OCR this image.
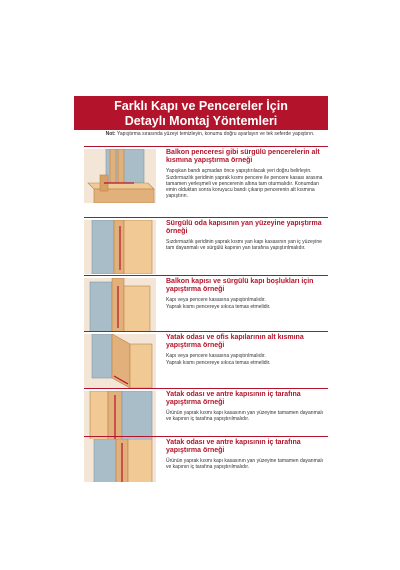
Farklı Kapı ve Pencereler İçin
Detaylı Montaj Yöntemleri
Not: Yapıştırma sırasında yüzeyi temizleyin, konumu doğru ayarlayın ve tek seferde yapıştırın.
Balkon penceresi gibi sürgülü pencerelerin alt kısmına yapıştırma örneği

Yapışkan bandı açmadan önce yapıştırılacak yeri doğru belirleyin.

Sızdırmazlık şeridinin yaprak kısmı pencere ile pencere kasası arasına tamamen yerleşmeli ve pencerenin altına tam oturmalıdır. Konumdan emin olduktan sonra koruyucu bandı çıkarıp pencerenin alt kısmına yapıştırın.

Sürgülü oda kapısının yan yüzeyine yapıştırma örneği

Sızdırmazlık şeridinin yaprak kısmı yan kapı kasasının yan iç yüzeyine tam dayanmalı ve sürgülü kapının yan tarafına yapıştırılmalıdır.

Balkon kapısı ve sürgülü kapı boşlukları için yapıştırma örneği

Kapı veya pencere kasasına yapıştırılmalıdır.

Yaprak kısmı pencereye sıkıca temas etmelidir.

Yatak odası ve ofis kapılarının alt kısmına yapıştırma örneği

Kapı veya pencere kasasına yapıştırılmalıdır.

Yaprak kısmı pencereye sıkıca temas etmelidir.

Yatak odası ve antre kapısının iç tarafına yapıştırma örneği

Ürünün yaprak kısmı kapı kasasının yan yüzeyine tamamen dayanmalı ve kapının iç tarafına yapıştırılmalıdır.

Yatak odası ve antre kapısının iç tarafına yapıştırma örneği

Ürünün yaprak kısmı kapı kasasının yan yüzeyine tamamen dayanmalı ve kapının iç tarafına yapıştırılmalıdır.
